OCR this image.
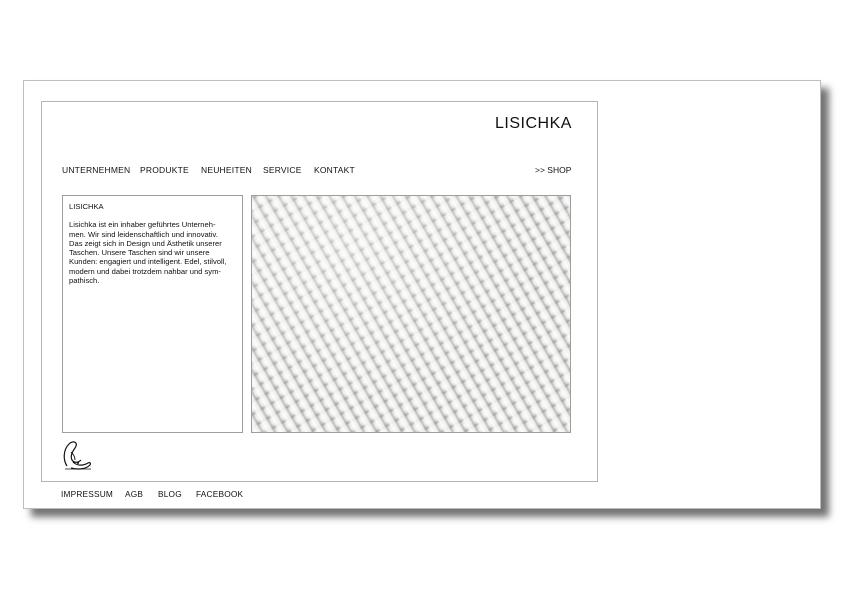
LISICHKA
UNTERNEHMEN PRODUKTE NEUHEITEN SERVICE KONTAKT	>> SHOP
LISICHKA
Lisichka ist ein inhaber geführtes Unterneh-
men. Wir sind leidenschaftlich und innovativ.
Das zeigt sich in Design und Ästhetik unserer
Taschen. Unsere Taschen sind wir unsere
Kunden: engagiert und intelligent. Edel, stilvoll,
modern und dabei trotzdem nahbar und sym-
pathisch.
IMPRESSUM AGB BLOG FACEBOOK
